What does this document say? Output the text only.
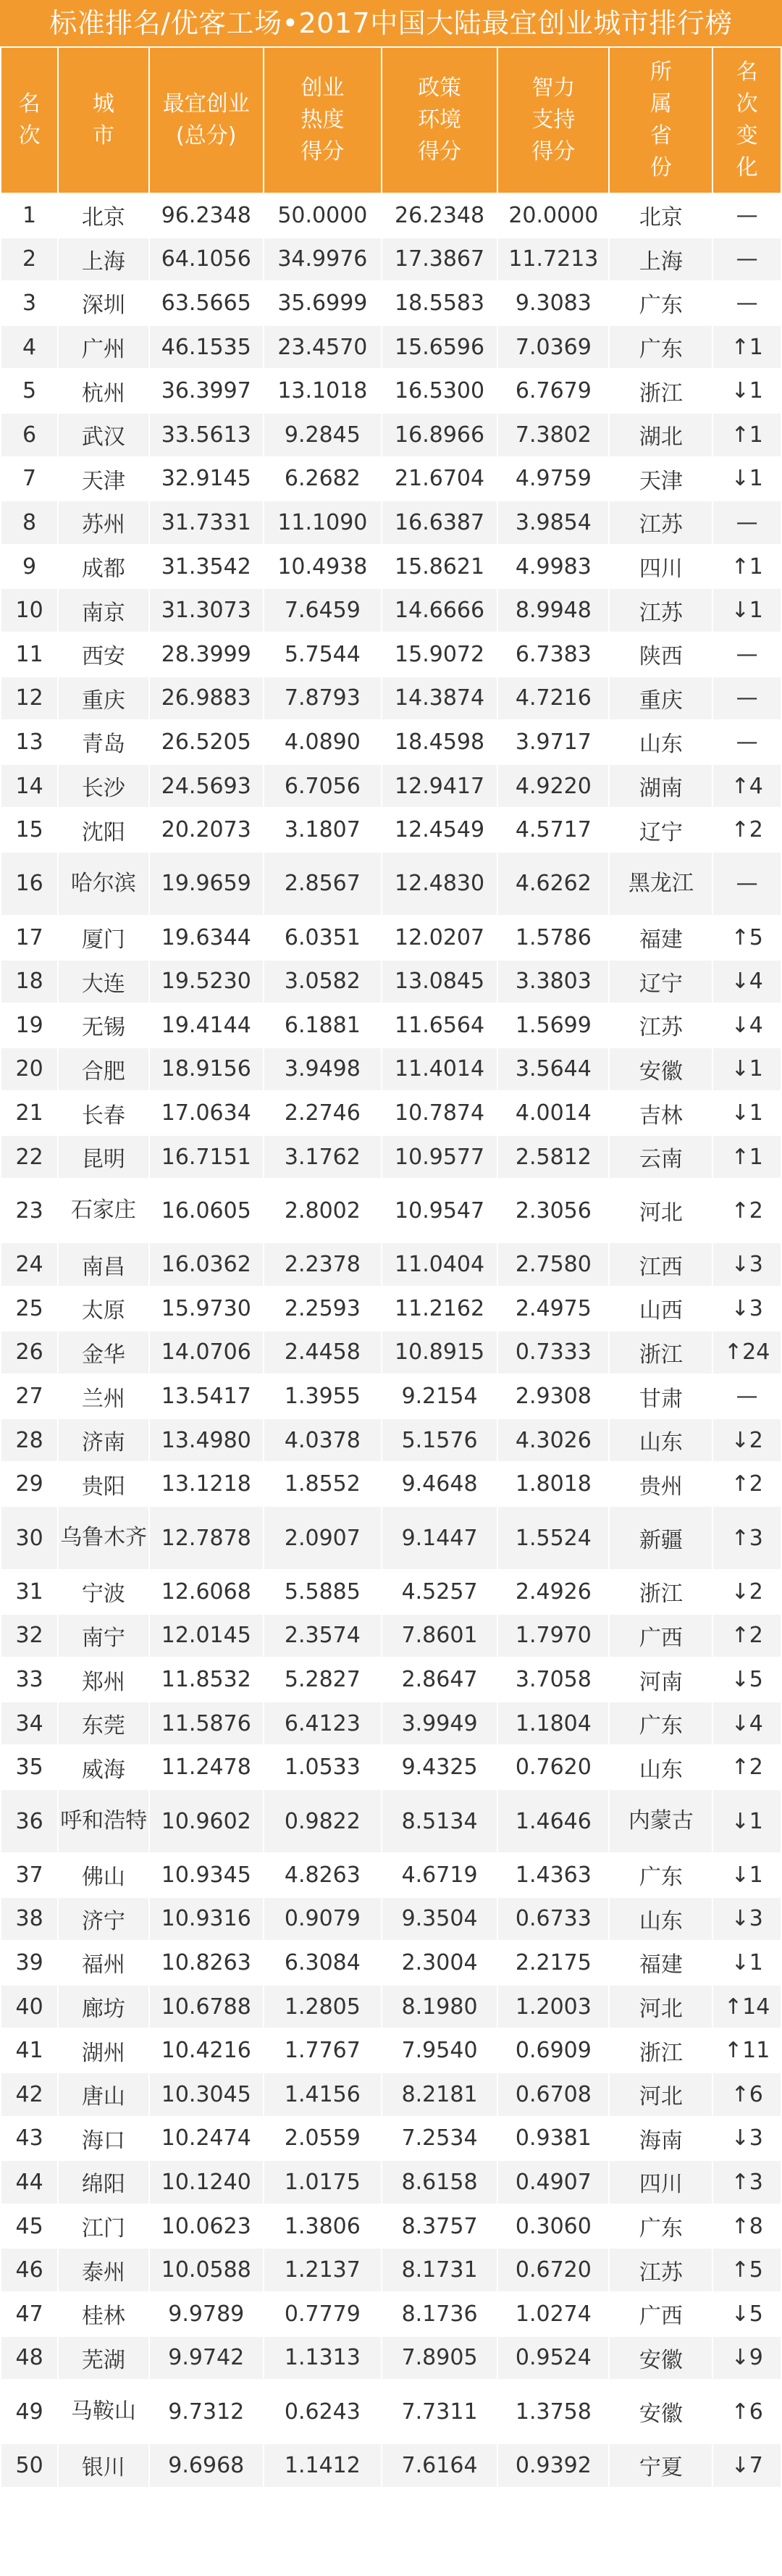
标准排名/优客工场•2017中国大陆最宜创业城市排行榜
名次	城市	最宜创业(总分)	创业热度得分	政策环境得分	智力支持得分	所属省份	名次变化

1	北京	96.2348	50.0000	26.2348	20.0000	北京	—
2	上海	64.1056	34.9976	17.3867	11.7213	上海	—
3	深圳	63.5665	35.6999	18.5583	9.3083	广东	—
4	广州	46.1535	23.4570	15.6596	7.0369	广东	↑1
5	杭州	36.3997	13.1018	16.5300	6.7679	浙江	↓1
6	武汉	33.5613	9.2845	16.8966	7.3802	湖北	↑1
7	天津	32.9145	6.2682	21.6704	4.9759	天津	↓1
8	苏州	31.7331	11.1090	16.6387	3.9854	江苏	—
9	成都	31.3542	10.4938	15.8621	4.9983	四川	↑1
10	南京	31.3073	7.6459	14.6666	8.9948	江苏	↓1
11	西安	28.3999	5.7544	15.9072	6.7383	陕西	—
12	重庆	26.9883	7.8793	14.3874	4.7216	重庆	—
13	青岛	26.5205	4.0890	18.4598	3.9717	山东	—
14	长沙	24.5693	6.7056	12.9417	4.9220	湖南	↑4
15	沈阳	20.2073	3.1807	12.4549	4.5717	辽宁	↑2
16	哈尔滨	19.9659	2.8567	12.4830	4.6262	黑龙江	—
17	厦门	19.6344	6.0351	12.0207	1.5786	福建	↑5
18	大连	19.5230	3.0582	13.0845	3.3803	辽宁	↓4
19	无锡	19.4144	6.1881	11.6564	1.5699	江苏	↓4
20	合肥	18.9156	3.9498	11.4014	3.5644	安徽	↓1
21	长春	17.0634	2.2746	10.7874	4.0014	吉林	↓1
22	昆明	16.7151	3.1762	10.9577	2.5812	云南	↑1
23	石家庄	16.0605	2.8002	10.9547	2.3056	河北	↑2
24	南昌	16.0362	2.2378	11.0404	2.7580	江西	↓3
25	太原	15.9730	2.2593	11.2162	2.4975	山西	↓3
26	金华	14.0706	2.4458	10.8915	0.7333	浙江	↑24
27	兰州	13.5417	1.3955	9.2154	2.9308	甘肃	—
28	济南	13.4980	4.0378	5.1576	4.3026	山东	↓2
29	贵阳	13.1218	1.8552	9.4648	1.8018	贵州	↑2
30	乌鲁木齐	12.7878	2.0907	9.1447	1.5524	新疆	↑3
31	宁波	12.6068	5.5885	4.5257	2.4926	浙江	↓2
32	南宁	12.0145	2.3574	7.8601	1.7970	广西	↑2
33	郑州	11.8532	5.2827	2.8647	3.7058	河南	↓5
34	东莞	11.5876	6.4123	3.9949	1.1804	广东	↓4
35	威海	11.2478	1.0533	9.4325	0.7620	山东	↑2
36	呼和浩特	10.9602	0.9822	8.5134	1.4646	内蒙古	↓1
37	佛山	10.9345	4.8263	4.6719	1.4363	广东	↓1
38	济宁	10.9316	0.9079	9.3504	0.6733	山东	↓3
39	福州	10.8263	6.3084	2.3004	2.2175	福建	↓1
40	廊坊	10.6788	1.2805	8.1980	1.2003	河北	↑14
41	湖州	10.4216	1.7767	7.9540	0.6909	浙江	↑11
42	唐山	10.3045	1.4156	8.2181	0.6708	河北	↑6
43	海口	10.2474	2.0559	7.2534	0.9381	海南	↓3
44	绵阳	10.1240	1.0175	8.6158	0.4907	四川	↑3
45	江门	10.0623	1.3806	8.3757	0.3060	广东	↑8
46	泰州	10.0588	1.2137	8.1731	0.6720	江苏	↑5
47	桂林	9.9789	0.7779	8.1736	1.0274	广西	↓5
48	芜湖	9.9742	1.1313	7.8905	0.9524	安徽	↓9
49	马鞍山	9.7312	0.6243	7.7311	1.3758	安徽	↑6
50	银川	9.6968	1.1412	7.6164	0.9392	宁夏	↓7
